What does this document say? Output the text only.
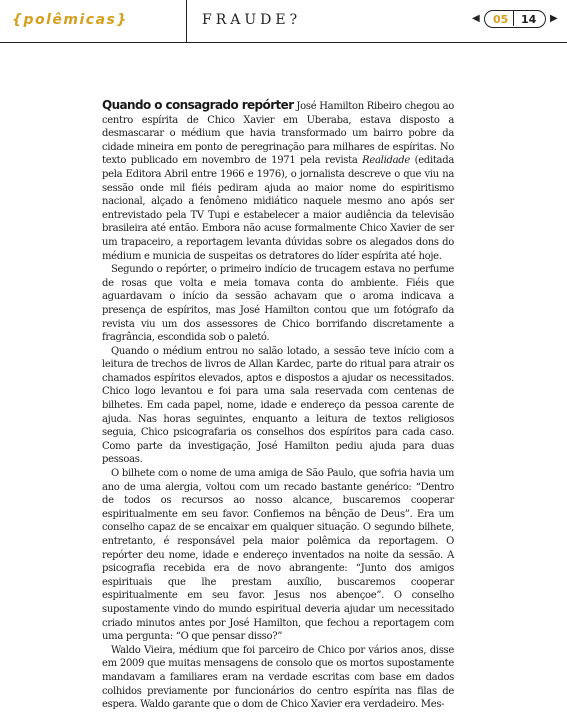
{polêmicas}	FRAUDE?	◀ 05 14 ▶

Quando o consagrado repórter José Hamilton Ribeiro chegou ao centro espírita de Chico Xavier em Uberaba, estava disposto a desmascarar o médium que havia transformado um bairro pobre da cidade mineira em ponto de peregrinação para milhares de espíritas. No texto publicado em novembro de 1971 pela revista Realidade (editada pela Editora Abril entre 1966 e 1976), o jornalista descreve o que viu na sessão onde mil fiéis pediram ajuda ao maior nome do espiritismo nacional, alçado a fenômeno midiático naquele mesmo ano após ser entrevistado pela TV Tupi e estabelecer a maior audiência da televisão brasileira até então. Embora não acuse formalmente Chico Xavier de ser um trapaceiro, a reportagem levanta dúvidas sobre os alegados dons do médium e municia de suspeitas os detratores do líder espírita até hoje.

Segundo o repórter, o primeiro indício de trucagem estava no perfume de rosas que volta e meia tomava conta do ambiente. Fiéis que aguardavam o início da sessão achavam que o aroma indicava a presença de espíritos, mas José Hamilton contou que um fotógrafo da revista viu um dos assessores de Chico borrifando discretamente a fragrância, escondida sob o paletó.

Quando o médium entrou no salão lotado, a sessão teve início com a leitura de trechos de livros de Allan Kardec, parte do ritual para atrair os chamados espíritos elevados, aptos e dispostos a ajudar os necessitados. Chico logo levantou e foi para uma sala reservada com centenas de bilhetes. Em cada papel, nome, idade e endereço da pessoa carente de ajuda. Nas horas seguintes, enquanto a leitura de textos religiosos seguia, Chico psicografaria os conselhos dos espíritos para cada caso. Como parte da investigação, José Hamilton pediu ajuda para duas pessoas.

O bilhete com o nome de uma amiga de São Paulo, que sofria havia um ano de uma alergia, voltou com um recado bastante genérico: “Dentro de todos os recursos ao nosso alcance, buscaremos cooperar espiritualmente em seu favor. Confiemos na bênção de Deus”. Era um conselho capaz de se encaixar em qualquer situação. O segundo bilhete, entretanto, é responsável pela maior polêmica da reportagem. O repórter deu nome, idade e endereço inventados na noite da sessão. A psicografia recebida era de novo abrangente: “Junto dos amigos espirituais que lhe prestam auxílio, buscaremos cooperar espiritualmente em seu favor. Jesus nos abençoe”. O conselho supostamente vindo do mundo espiritual deveria ajudar um necessitado criado minutos antes por José Hamilton, que fechou a reportagem com uma pergunta: “O que pensar disso?”

Waldo Vieira, médium que foi parceiro de Chico por vários anos, disse em 2009 que muitas mensagens de consolo que os mortos supostamente mandavam a familiares eram na verdade escritas com base em dados colhidos previamente por funcionários do centro espírita nas filas de espera. Waldo garante que o dom de Chico Xavier era verdadeiro. Mes-
